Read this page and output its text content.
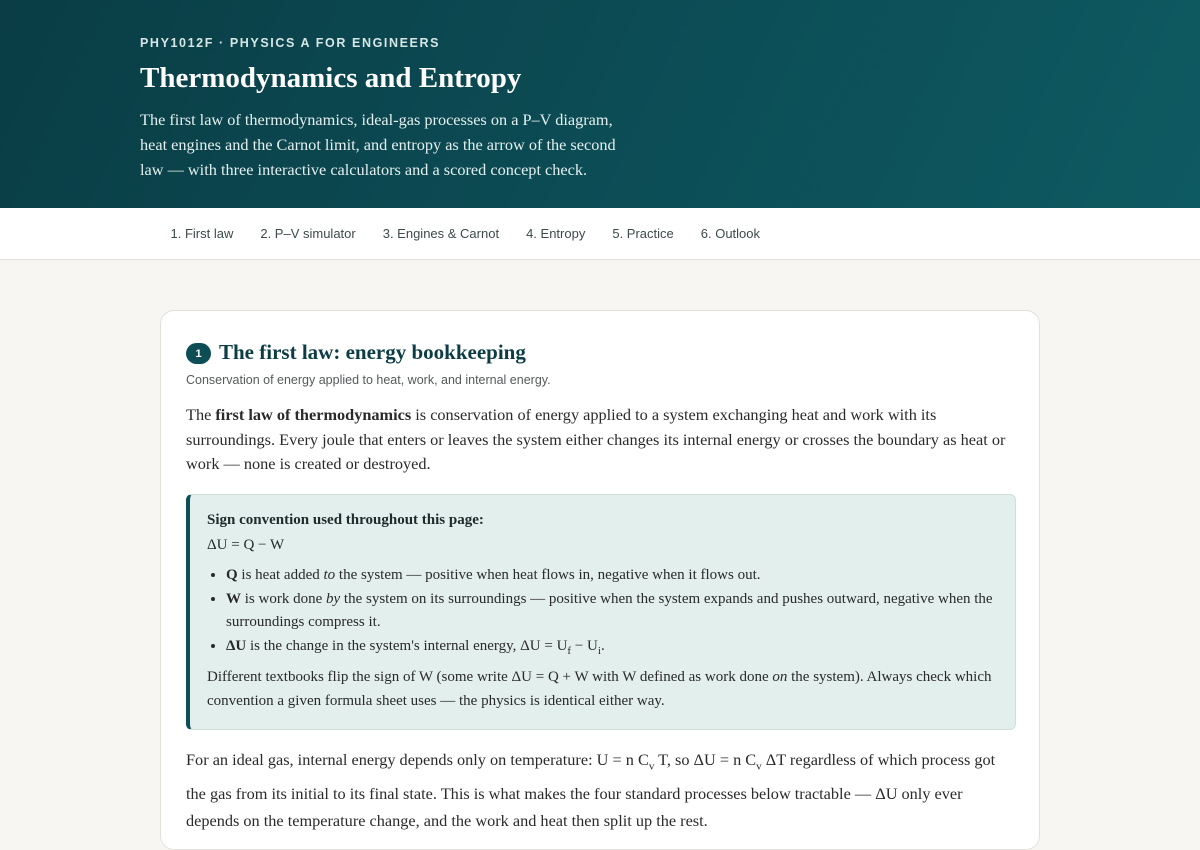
PHY1012F · PHYSICS A FOR ENGINEERS
Thermodynamics and Entropy

The first law of thermodynamics, ideal-gas processes on a P–V diagram, heat engines and the Carnot limit, and entropy as the arrow of the second law — with three interactive calculators and a scored concept check.

1. First law	2. P–V simulator	3. Engines & Carnot	4. Entropy	5. Practice	6. Outlook
1 The first law: energy bookkeeping
Conservation of energy applied to heat, work, and internal energy.

The first law of thermodynamics is conservation of energy applied to a system exchanging heat and work with its surroundings. Every joule that enters or leaves the system either changes its internal energy or crosses the boundary as heat or work — none is created or destroyed.

Sign convention used throughout this page:
ΔU = Q − W
• Q is heat added to the system — positive when heat flows in, negative when it flows out.
• W is work done by the system on its surroundings — positive when the system expands and pushes outward, negative when the surroundings compress it.
• ΔU is the change in the system's internal energy, $\Delta U = U_f - U_i$.

Different textbooks flip the sign of W (some write ΔU = Q + W with W defined as work done on the system). Always check which convention a given formula sheet uses — the physics is identical either way.

For an ideal gas, internal energy depends only on temperature: U = n $C_v$ T, so ΔU = n $C_v$ ΔT regardless of which process got the gas from its initial to its final state. This is what makes the four standard processes below tractable — ΔU only ever depends on the temperature change, and the work and heat then split up the rest.
